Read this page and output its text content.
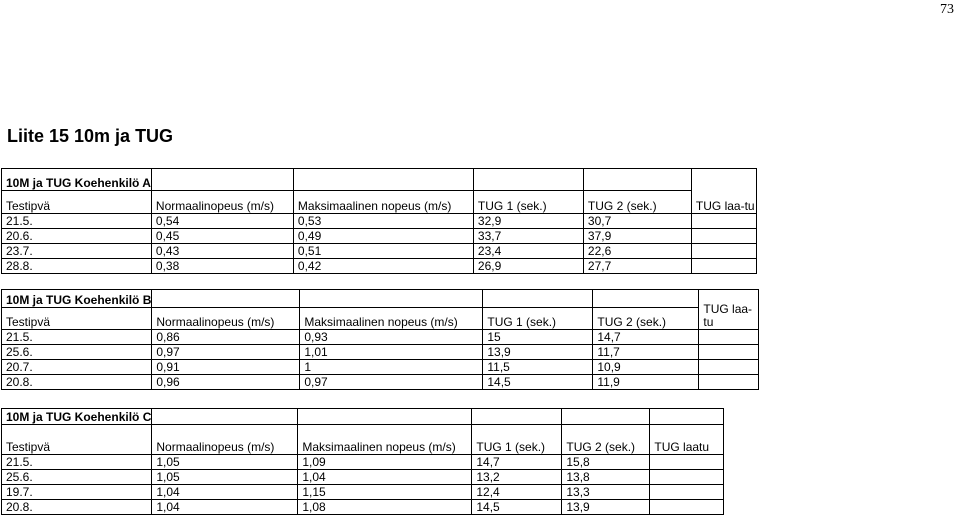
73
Liite 15 10m ja TUG
10M ja TUG Koehenkilö A					TUG laa-tu
Testipvä	Normaalinopeus (m/s)	Maksimaalinen nopeus (m/s)	TUG 1 (sek.)	TUG 2 (sek.)	
21.5.	0,54	0,53	32,9	30,7	
20.6.	0,45	0,49	33,7	37,9	
23.7.	0,43	0,51	23,4	22,6	
28.8.	0,38	0,42	26,9	27,7	
10M ja TUG Koehenkilö B					TUG laa-tu
Testipvä	Normaalinopeus (m/s)	Maksimaalinen nopeus (m/s)	TUG 1 (sek.)	TUG 2 (sek.)	
21.5.	0,86	0,93	15	14,7	
25.6.	0,97	1,01	13,9	11,7	
20.7.	0,91	1	11,5	10,9	
20.8.	0,96	0,97	14,5	11,9	
10M ja TUG Koehenkilö C					
Testipvä	Normaalinopeus (m/s)	Maksimaalinen nopeus (m/s)	TUG 1 (sek.)	TUG 2 (sek.)	TUG laatu
21.5.	1,05	1,09	14,7	15,8	
25.6.	1,05	1,04	13,2	13,8	
19.7.	1,04	1,15	12,4	13,3	
20.8.	1,04	1,08	14,5	13,9	
